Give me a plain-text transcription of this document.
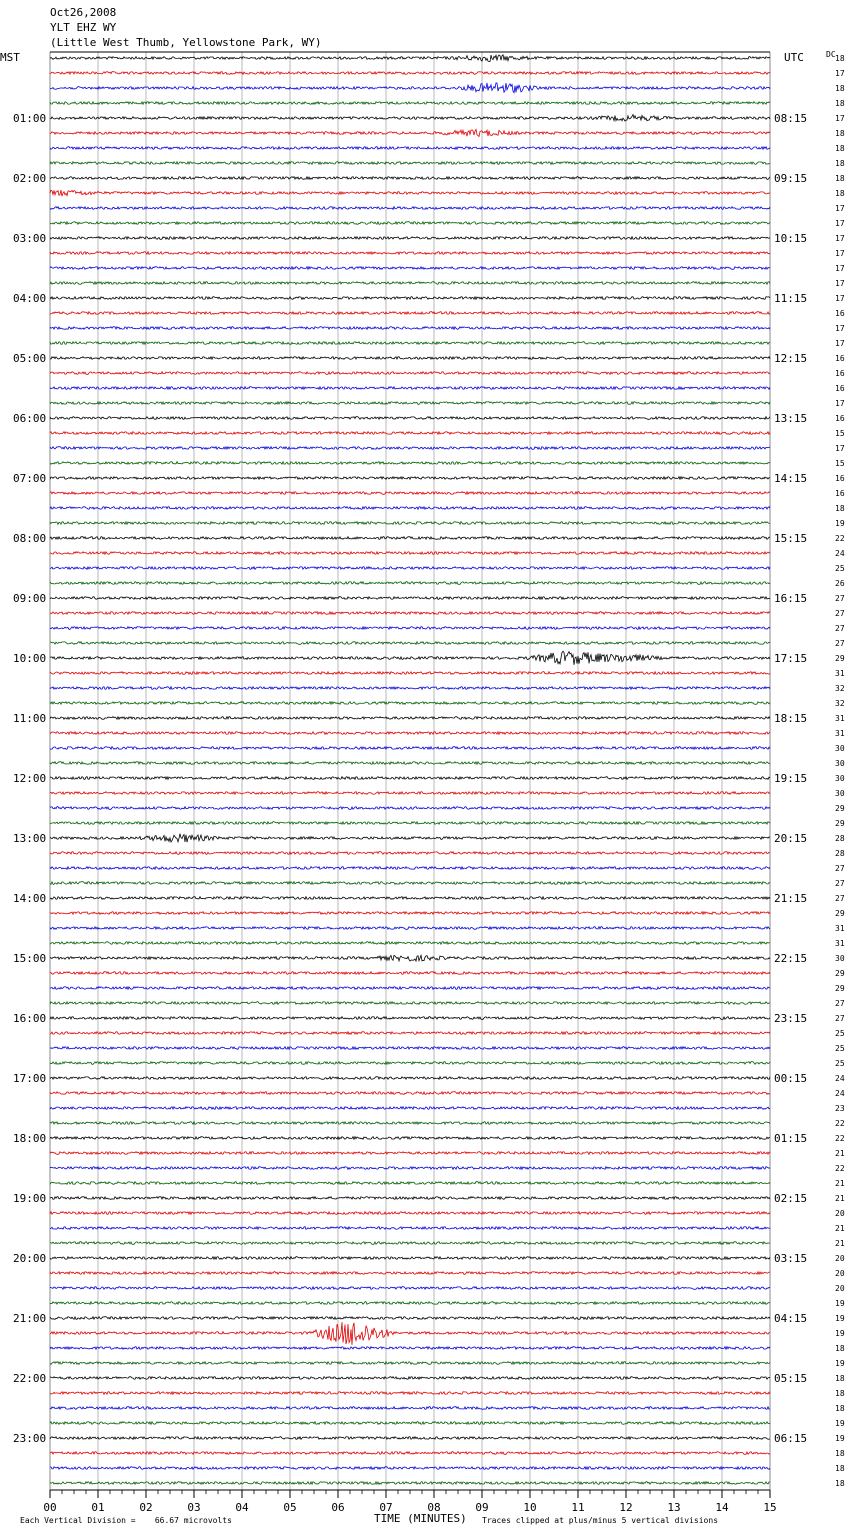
Oct26,2008
YLT EHZ WY
(Little West Thumb, Yellowstone Park, WY)
MST	UTC	DC
01:00
02:00
03:00
04:00
05:00
06:00
07:00
08:00
09:00
10:00
11:00
12:00
13:00
14:00
15:00
16:00
17:00
18:00
19:00
20:00
21:00
22:00
23:00
08:15
09:15
10:15
11:15
12:15
13:15
14:15
15:15
16:15
17:15
18:15
19:15
20:15
21:15
22:15
23:15
00:15
01:15
02:15
03:15
04:15
05:15
06:15
18
17
18
18
17
18
18
18
18
18
17
17
17
17
17
17
17
16
17
17
16
16
16
17
16
15
17
15
16
16
18
19
22
24
25
26
27
27
27
27
29
31
32
32
31
31
30
30
30
30
29
29
28
28
27
27
27
29
31
31
30
29
29
27
27
25
25
25
24
24
23
22
22
21
22
21
21
20
21
21
20
20
20
19
19
19
18
19
18
18
18
19
19
18
18
18
00	01	02	03	04	05	06	07	08	09	10	11	12	13	14	15
TIME (MINUTES)
Each Vertical Division =    66.67 microvolts	Traces clipped at plus/minus 5 vertical divisions
